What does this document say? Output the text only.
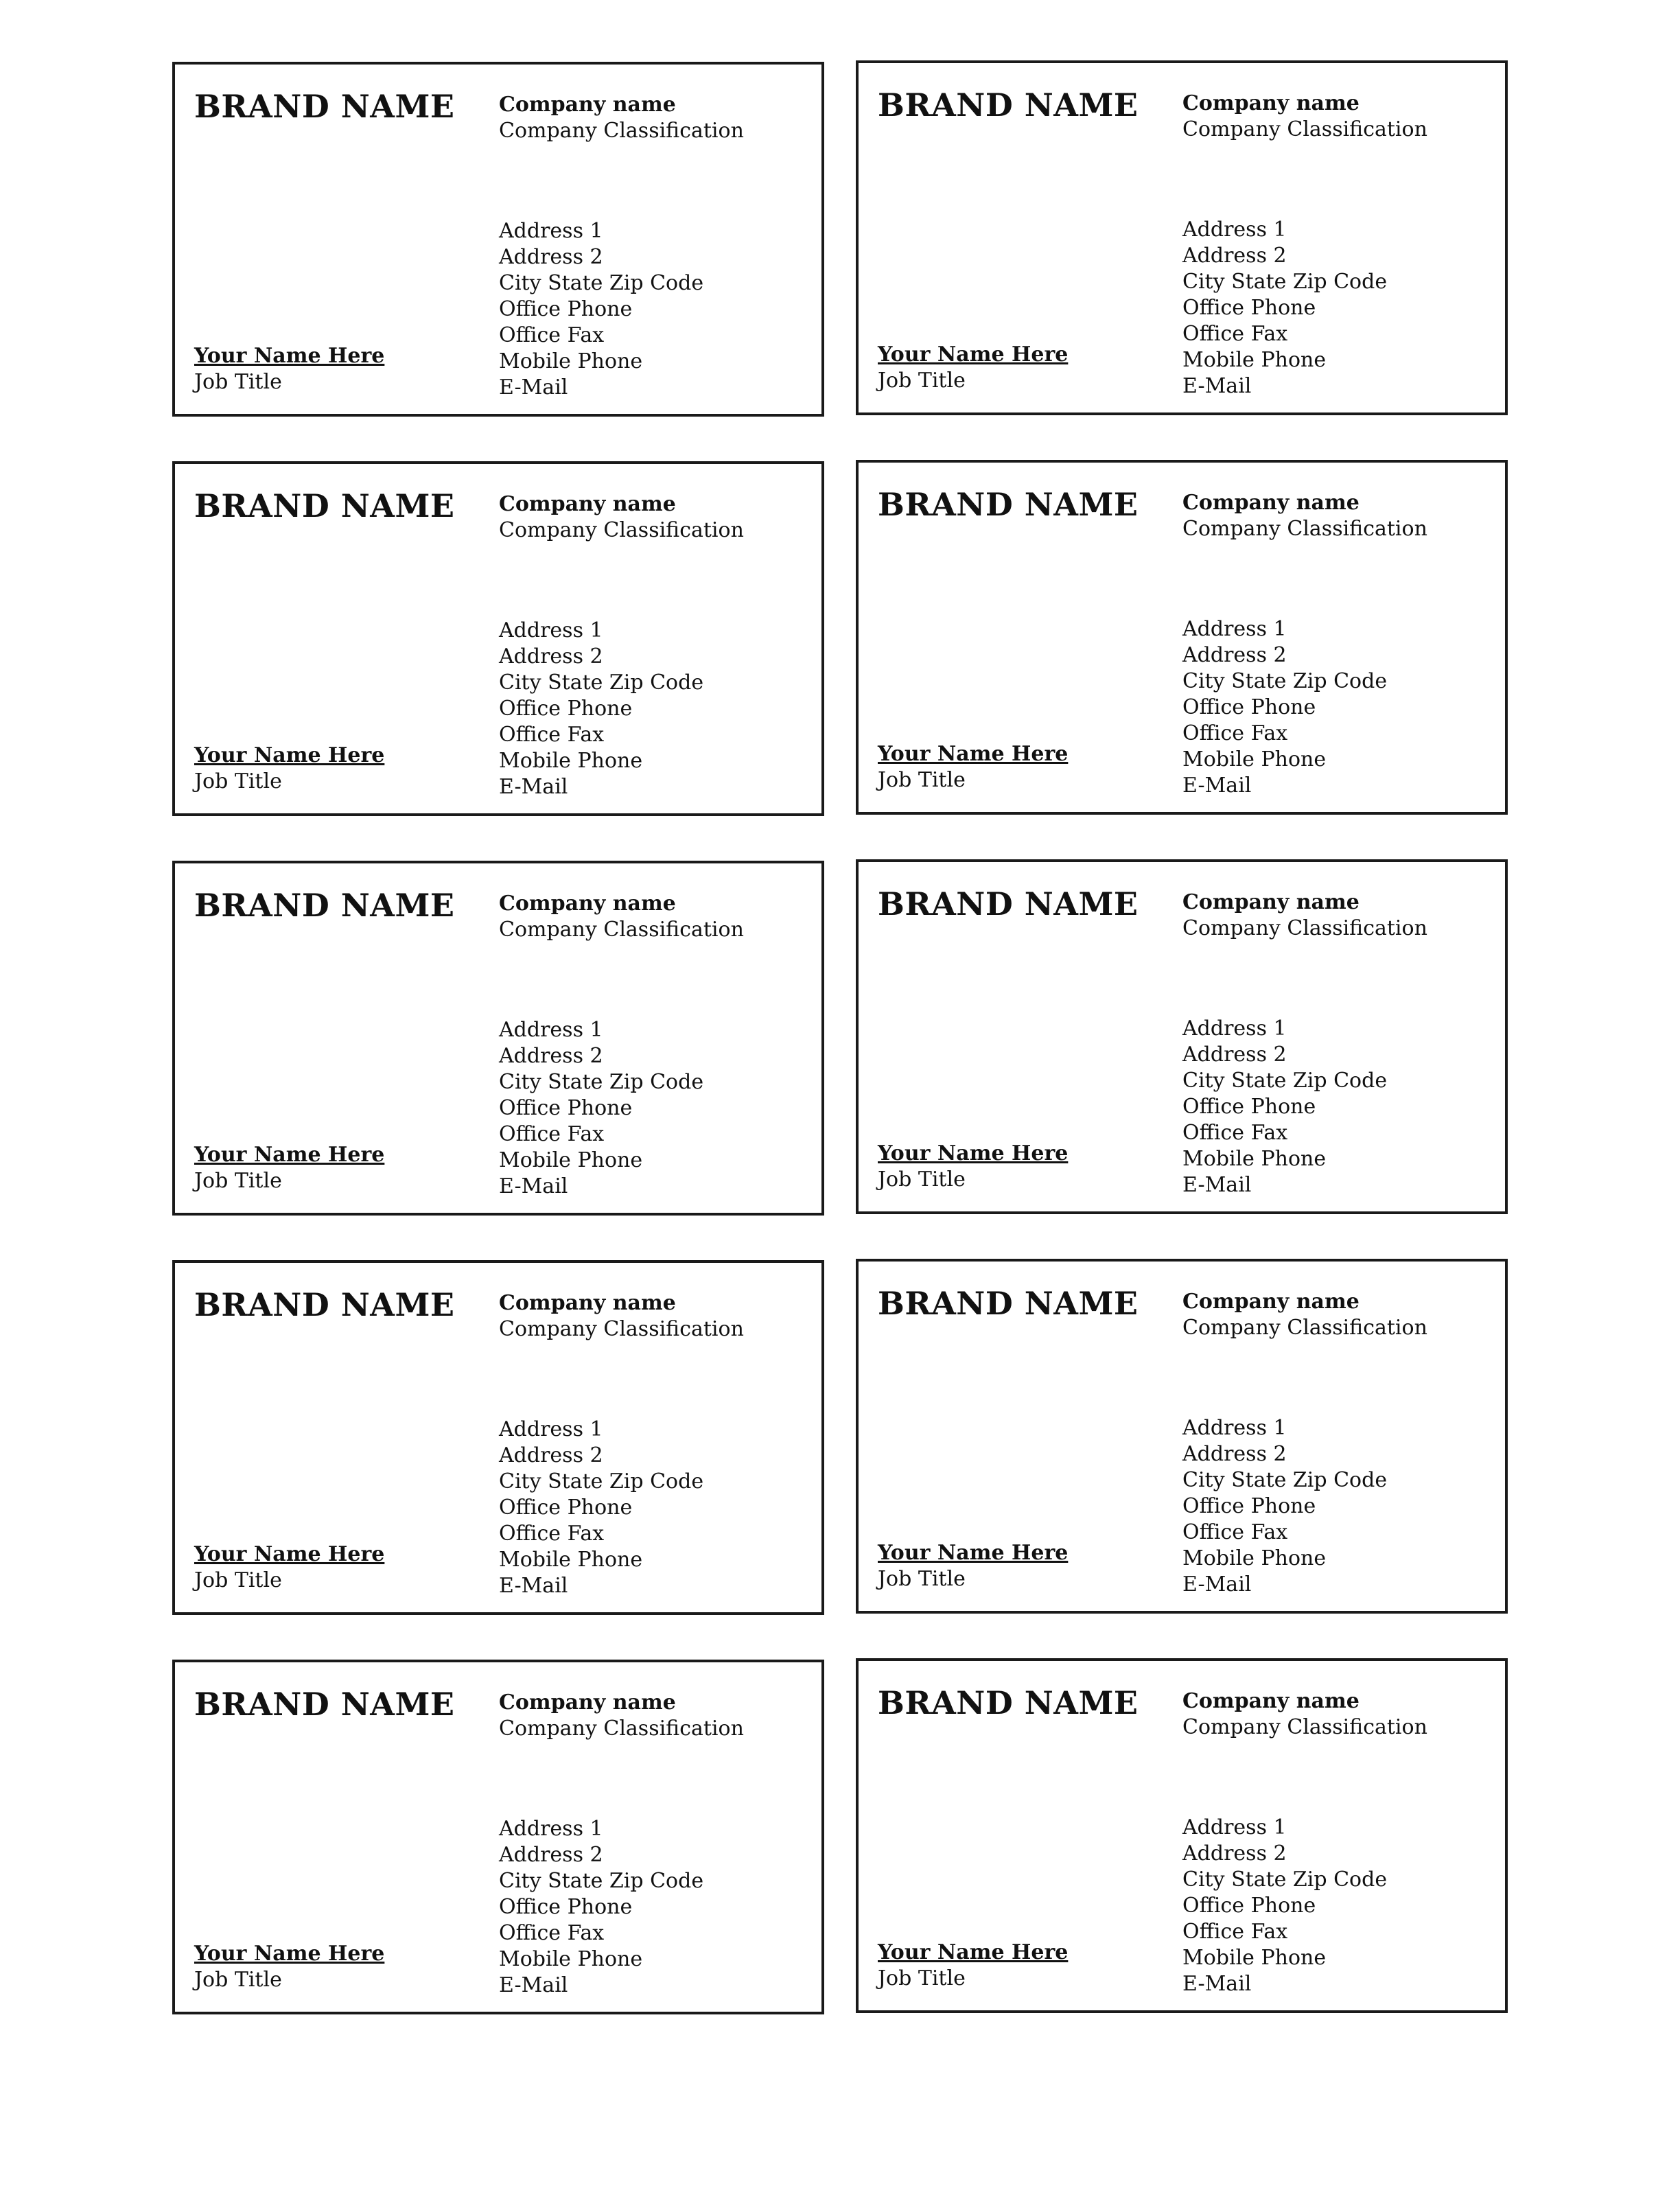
BRAND NAME Company name
Company Classification
Address 1
Address 2
City State Zip Code
Office Phone
Office Fax
Mobile Phone
E-Mail
Your Name Here
Job Title
BRAND NAME Company name
Company Classification
Address 1
Address 2
City State Zip Code
Office Phone
Office Fax
Mobile Phone
E-Mail
Your Name Here
Job Title
BRAND NAME Company name
Company Classification
Address 1
Address 2
City State Zip Code
Office Phone
Office Fax
Mobile Phone
E-Mail
Your Name Here
Job Title
BRAND NAME Company name
Company Classification
Address 1
Address 2
City State Zip Code
Office Phone
Office Fax
Mobile Phone
E-Mail
Your Name Here
Job Title
BRAND NAME Company name
Company Classification
Address 1
Address 2
City State Zip Code
Office Phone
Office Fax
Mobile Phone
E-Mail
Your Name Here
Job Title
BRAND NAME Company name
Company Classification
Address 1
Address 2
City State Zip Code
Office Phone
Office Fax
Mobile Phone
E-Mail
Your Name Here
Job Title
BRAND NAME Company name
Company Classification
Address 1
Address 2
City State Zip Code
Office Phone
Office Fax
Mobile Phone
E-Mail
Your Name Here
Job Title
BRAND NAME Company name
Company Classification
Address 1
Address 2
City State Zip Code
Office Phone
Office Fax
Mobile Phone
E-Mail
Your Name Here
Job Title
BRAND NAME Company name
Company Classification
Address 1
Address 2
City State Zip Code
Office Phone
Office Fax
Mobile Phone
E-Mail
Your Name Here
Job Title
BRAND NAME Company name
Company Classification
Address 1
Address 2
City State Zip Code
Office Phone
Office Fax
Mobile Phone
E-Mail
Your Name Here
Job Title
